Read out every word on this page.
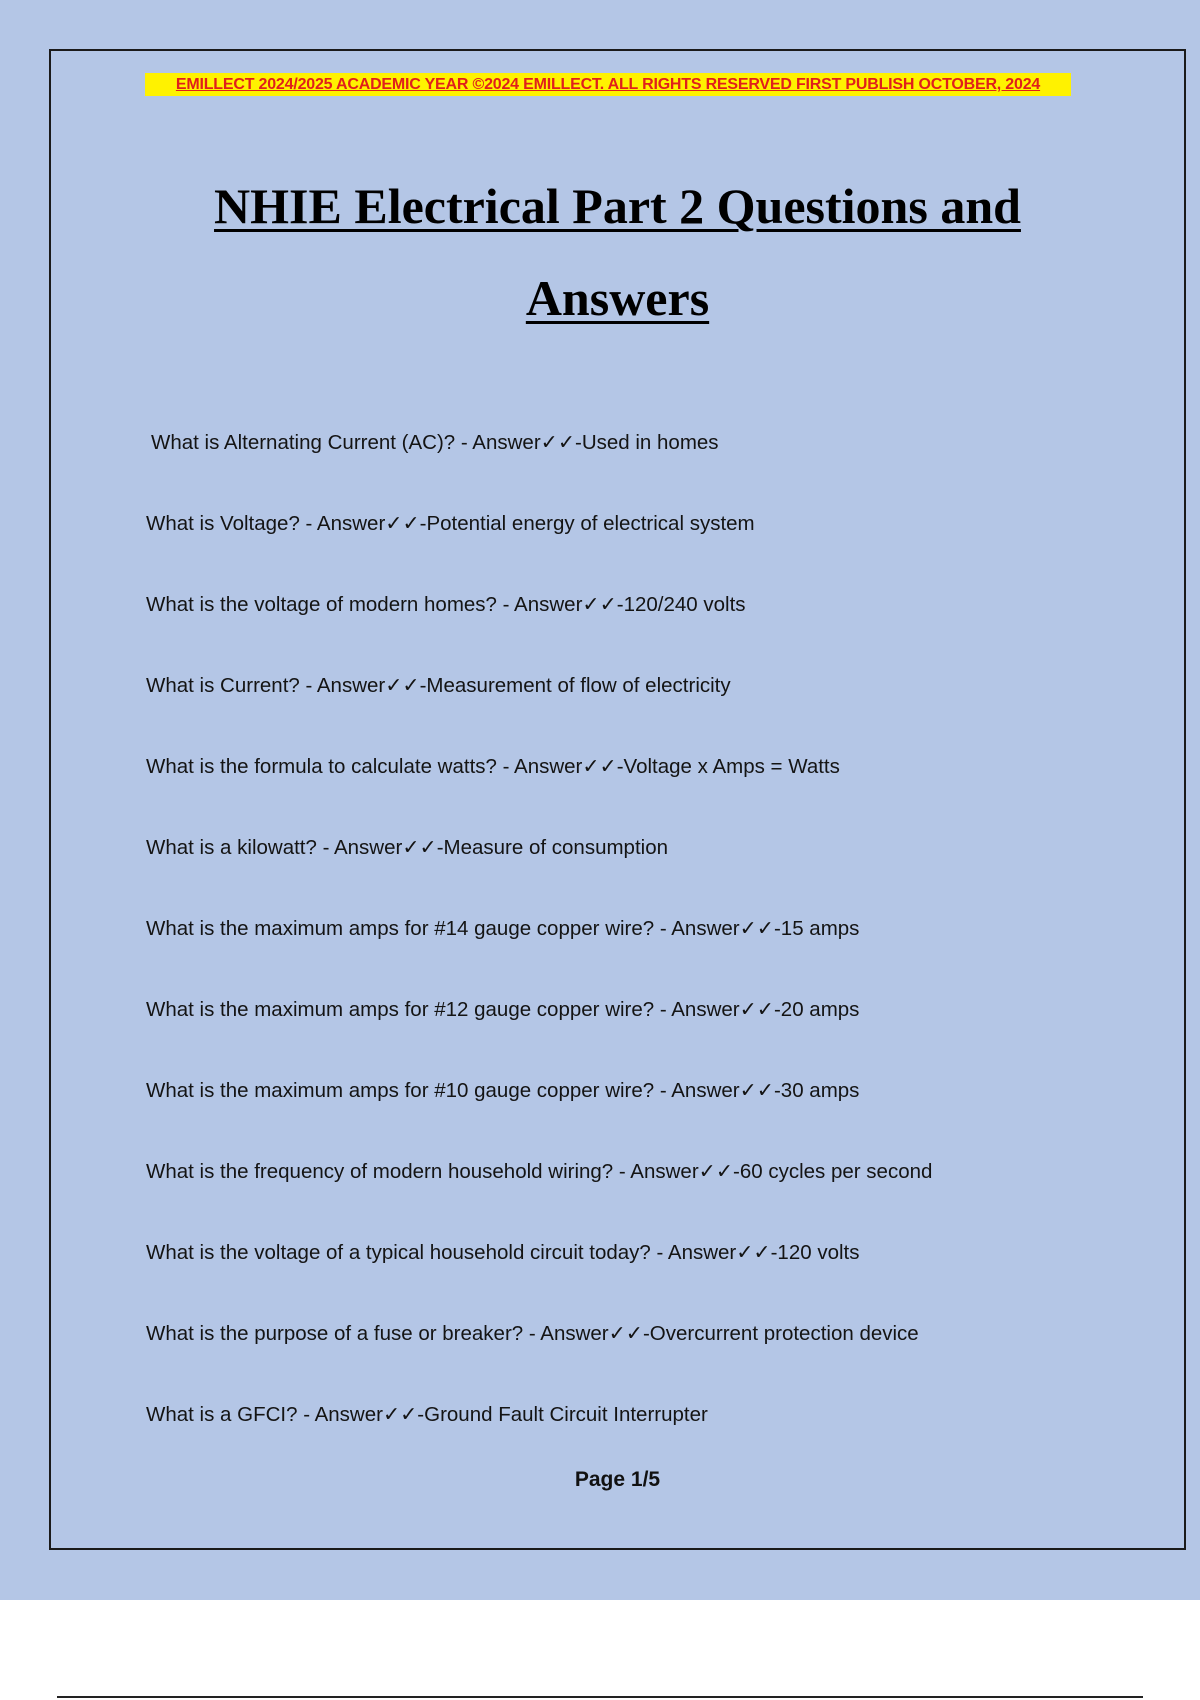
EMILLECT 2024/2025 ACADEMIC YEAR ©2024 EMILLECT. ALL RIGHTS RESERVED FIRST PUBLISH OCTOBER, 2024
NHIE Electrical Part 2 Questions and Answers
What is Alternating Current (AC)? - Answer✓✓-Used in homes
What is Voltage? - Answer✓✓-Potential energy of electrical system
What is the voltage of modern homes? - Answer✓✓-120/240 volts
What is Current? - Answer✓✓-Measurement of flow of electricity
What is the formula to calculate watts? - Answer✓✓-Voltage x Amps = Watts
What is a kilowatt? - Answer✓✓-Measure of consumption
What is the maximum amps for #14 gauge copper wire? - Answer✓✓-15 amps
What is the maximum amps for #12 gauge copper wire? - Answer✓✓-20 amps
What is the maximum amps for #10 gauge copper wire? - Answer✓✓-30 amps
What is the frequency of modern household wiring? - Answer✓✓-60 cycles per second
What is the voltage of a typical household circuit today? - Answer✓✓-120 volts
What is the purpose of a fuse or breaker? - Answer✓✓-Overcurrent protection device
What is a GFCI? - Answer✓✓-Ground Fault Circuit Interrupter
Page 1/5
